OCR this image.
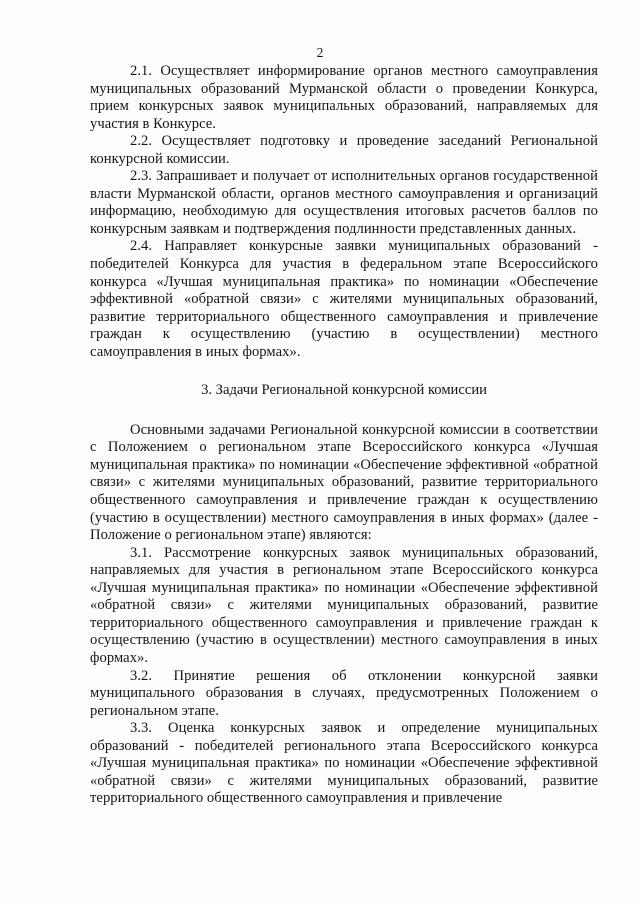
2

2.1. Осуществляет информирование органов местного самоуправления муниципальных образований Мурманской области о проведении Конкурса, прием конкурсных заявок муниципальных образований, направляемых для участия в Конкурсе.

2.2. Осуществляет подготовку и проведение заседаний Региональной конкурсной комиссии.

2.3. Запрашивает и получает от исполнительных органов государственной власти Мурманской области, органов местного самоуправления и организаций информацию, необходимую для осуществления итоговых расчетов баллов по конкурсным заявкам и подтверждения подлинности представленных данных.

2.4. Направляет конкурсные заявки муниципальных образований - победителей Конкурса для участия в федеральном этапе Всероссийского конкурса «Лучшая муниципальная практика» по номинации «Обеспечение эффективной «обратной связи» с жителями муниципальных образований, развитие территориального общественного самоуправления и привлечение граждан к осуществлению (участию в осуществлении) местного самоуправления в иных формах».

3. Задачи Региональной конкурсной комиссии

Основными задачами Региональной конкурсной комиссии в соответствии с Положением о региональном этапе Всероссийского конкурса «Лучшая муниципальная практика» по номинации «Обеспечение эффективной «обратной связи» с жителями муниципальных образований, развитие территориального общественного самоуправления и привлечение граждан к осуществлению (участию в осуществлении) местного самоуправления в иных формах» (далее - Положение о региональном этапе) являются:

3.1. Рассмотрение конкурсных заявок муниципальных образований, направляемых для участия в региональном этапе Всероссийского конкурса «Лучшая муниципальная практика» по номинации «Обеспечение эффективной «обратной связи» с жителями муниципальных образований, развитие территориального общественного самоуправления и привлечение граждан к осуществлению (участию в осуществлении) местного самоуправления в иных формах».

3.2. Принятие решения об отклонении конкурсной заявки муниципального образования в случаях, предусмотренных Положением о региональном этапе.

3.3. Оценка конкурсных заявок и определение муниципальных образований - победителей регионального этапа Всероссийского конкурса «Лучшая муниципальная практика» по номинации «Обеспечение эффективной «обратной связи» с жителями муниципальных образований, развитие территориального общественного самоуправления и привлечение
